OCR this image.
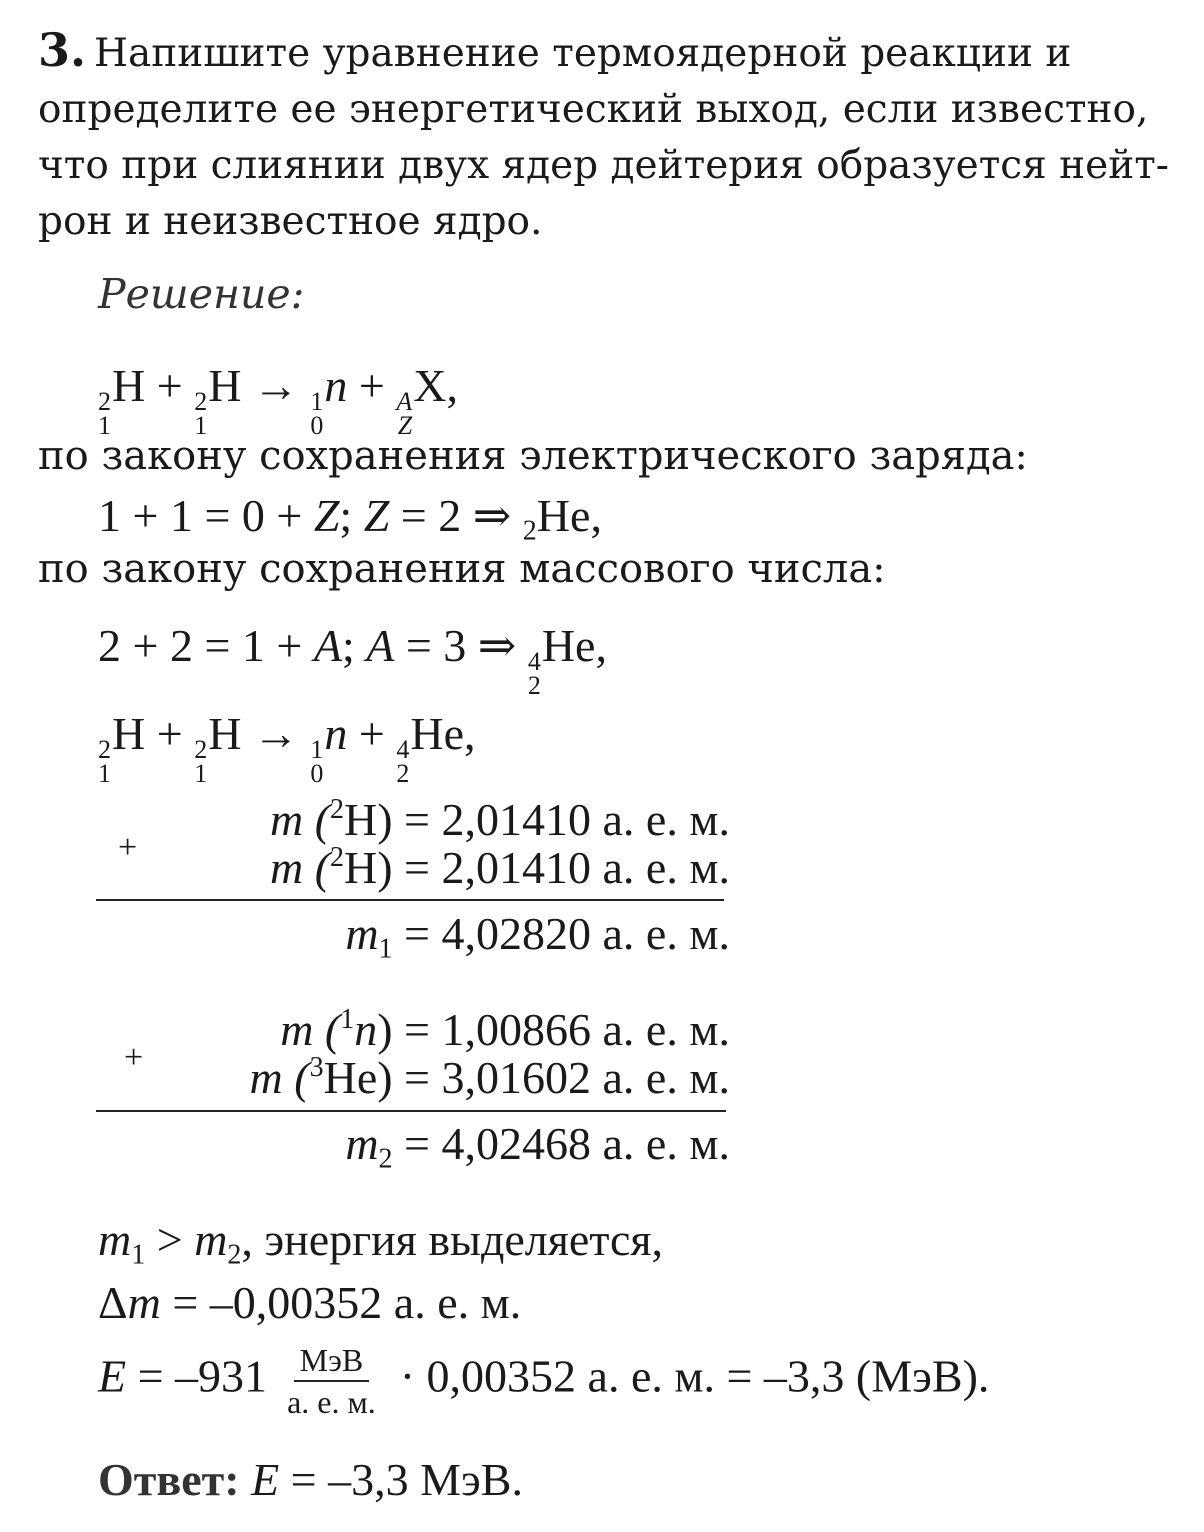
3. Напишите уравнение термоядерной реакции и
определите ее энергетический выход, если известно,
что при слиянии двух ядер дейтерия образуется нейт-
рон и неизвестное ядро.
Решение:
2
1
H + 2
1
H → 1
0
n + A
Z
X,
по закону сохранения электрического заряда:
1 + 1 = 0 + Z; Z = 2 ⇒ $_2$He,
по закону сохранения массового числа:
2 + 2 = 1 + A; A = 3 ⇒ 4
2
He,
2
1
H + 2
1
H → 1
0
n + 4
2
He,
m ($^2$H) = 2,01410 а. е. м.
+	m ($^2$H) = 2,01410 а. е. м.
$m_1 = 4,02820$ а. е. м.
m ($^1$n) = 1,00866 а. е. м.
+	m ($^3$He) = 3,01602 а. е. м.
$m_2 = 4,02468$ а. е. м.
$m_1 > m_2$, энергия выделяется,
Δm = –0,00352 а. е. м.
$E = -931 \frac{\text{МэВ}}{а. е. м.} \cdot 0,00352$ а. е. м. = –3,3 (МэВ).
Ответ: E = –3,3 МэВ.
